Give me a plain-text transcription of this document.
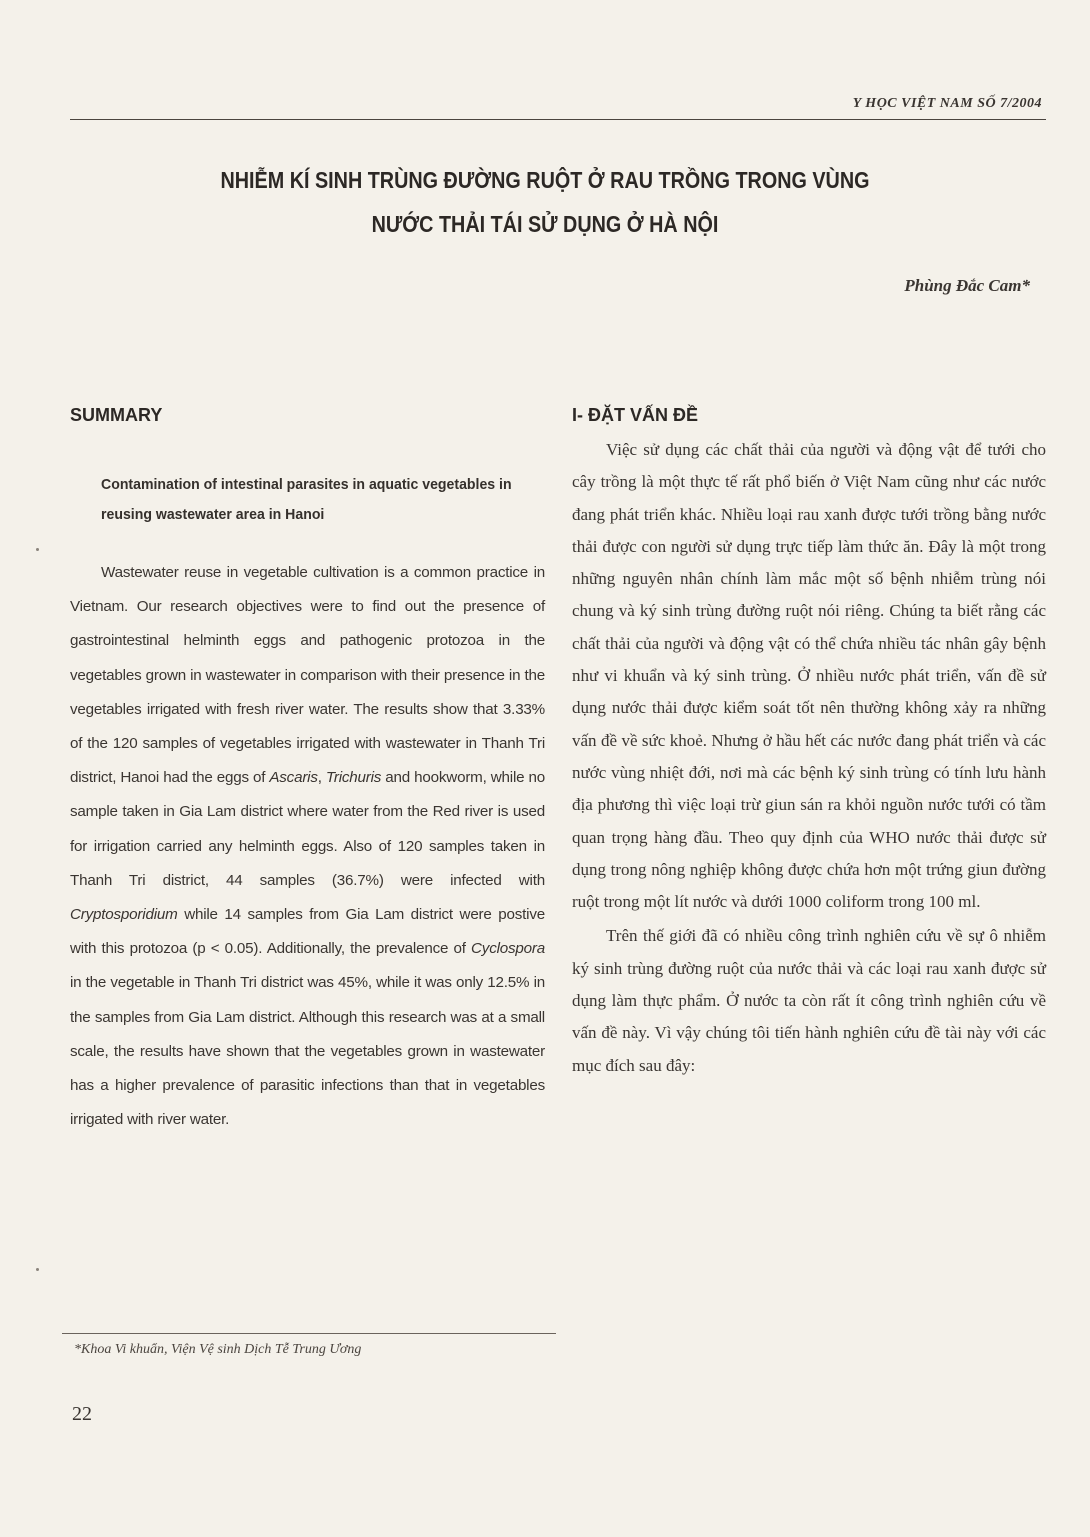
Y HỌC VIỆT NAM SỐ 7/2004
NHIỄM KÍ SINH TRÙNG ĐƯỜNG RUỘT Ở RAU TRỒNG TRONG VÙNG
NƯỚC THẢI TÁI SỬ DỤNG Ở HÀ NỘI
Phùng Đắc Cam*
SUMMARY
Contamination of intestinal parasites in aquatic vegetables in reusing wastewater area in Hanoi

Wastewater reuse in vegetable cultivation is a common practice in Vietnam. Our research objectives were to find out the presence of gastrointestinal helminth eggs and pathogenic protozoa in the vegetables grown in wastewater in comparison with their presence in the vegetables irrigated with fresh river water. The results show that 3.33% of the 120 samples of vegetables irrigated with wastewater in Thanh Tri district, Hanoi had the eggs of Ascaris, Trichuris and hookworm, while no sample taken in Gia Lam district where water from the Red river is used for irrigation carried any helminth eggs. Also of 120 samples taken in Thanh Tri district, 44 samples (36.7%) were infected with Cryptosporidium while 14 samples from Gia Lam district were postive with this protozoa (p < 0.05). Additionally, the prevalence of Cyclospora in the vegetable in Thanh Tri district was 45%, while it was only 12.5% in the samples from Gia Lam district. Although this research was at a small scale, the results have shown that the vegetables grown in wastewater has a higher prevalence of parasitic infections than that in vegetables irrigated with river water.

I- ĐẶT VẤN ĐỀ

Việc sử dụng các chất thải của người và động vật để tưới cho cây trồng là một thực tế rất phổ biến ở Việt Nam cũng như các nước đang phát triển khác. Nhiều loại rau xanh được tưới trồng bằng nước thải được con người sử dụng trực tiếp làm thức ăn. Đây là một trong những nguyên nhân chính làm mắc một số bệnh nhiễm trùng nói chung và ký sinh trùng đường ruột nói riêng. Chúng ta biết rằng các chất thải của người và động vật có thể chứa nhiều tác nhân gây bệnh như vi khuẩn và ký sinh trùng. Ở nhiều nước phát triển, vấn đề sử dụng nước thải được kiểm soát tốt nên thường không xảy ra những vấn đề về sức khoẻ. Nhưng ở hầu hết các nước đang phát triển và các nước vùng nhiệt đới, nơi mà các bệnh ký sinh trùng có tính lưu hành địa phương thì việc loại trừ giun sán ra khỏi nguồn nước tưới có tầm quan trọng hàng đầu. Theo quy định của WHO nước thải được sử dụng trong nông nghiệp không được chứa hơn một trứng giun đường ruột trong một lít nước và dưới 1000 coliform trong 100 ml.

Trên thế giới đã có nhiều công trình nghiên cứu về sự ô nhiễm ký sinh trùng đường ruột của nước thải và các loại rau xanh được sử dụng làm thực phẩm. Ở nước ta còn rất ít công trình nghiên cứu về vấn đề này. Vì vậy chúng tôi tiến hành nghiên cứu đề tài này với các mục đích sau đây:

*Khoa Vi khuẩn, Viện Vệ sinh Dịch Tễ Trung Ương
22
